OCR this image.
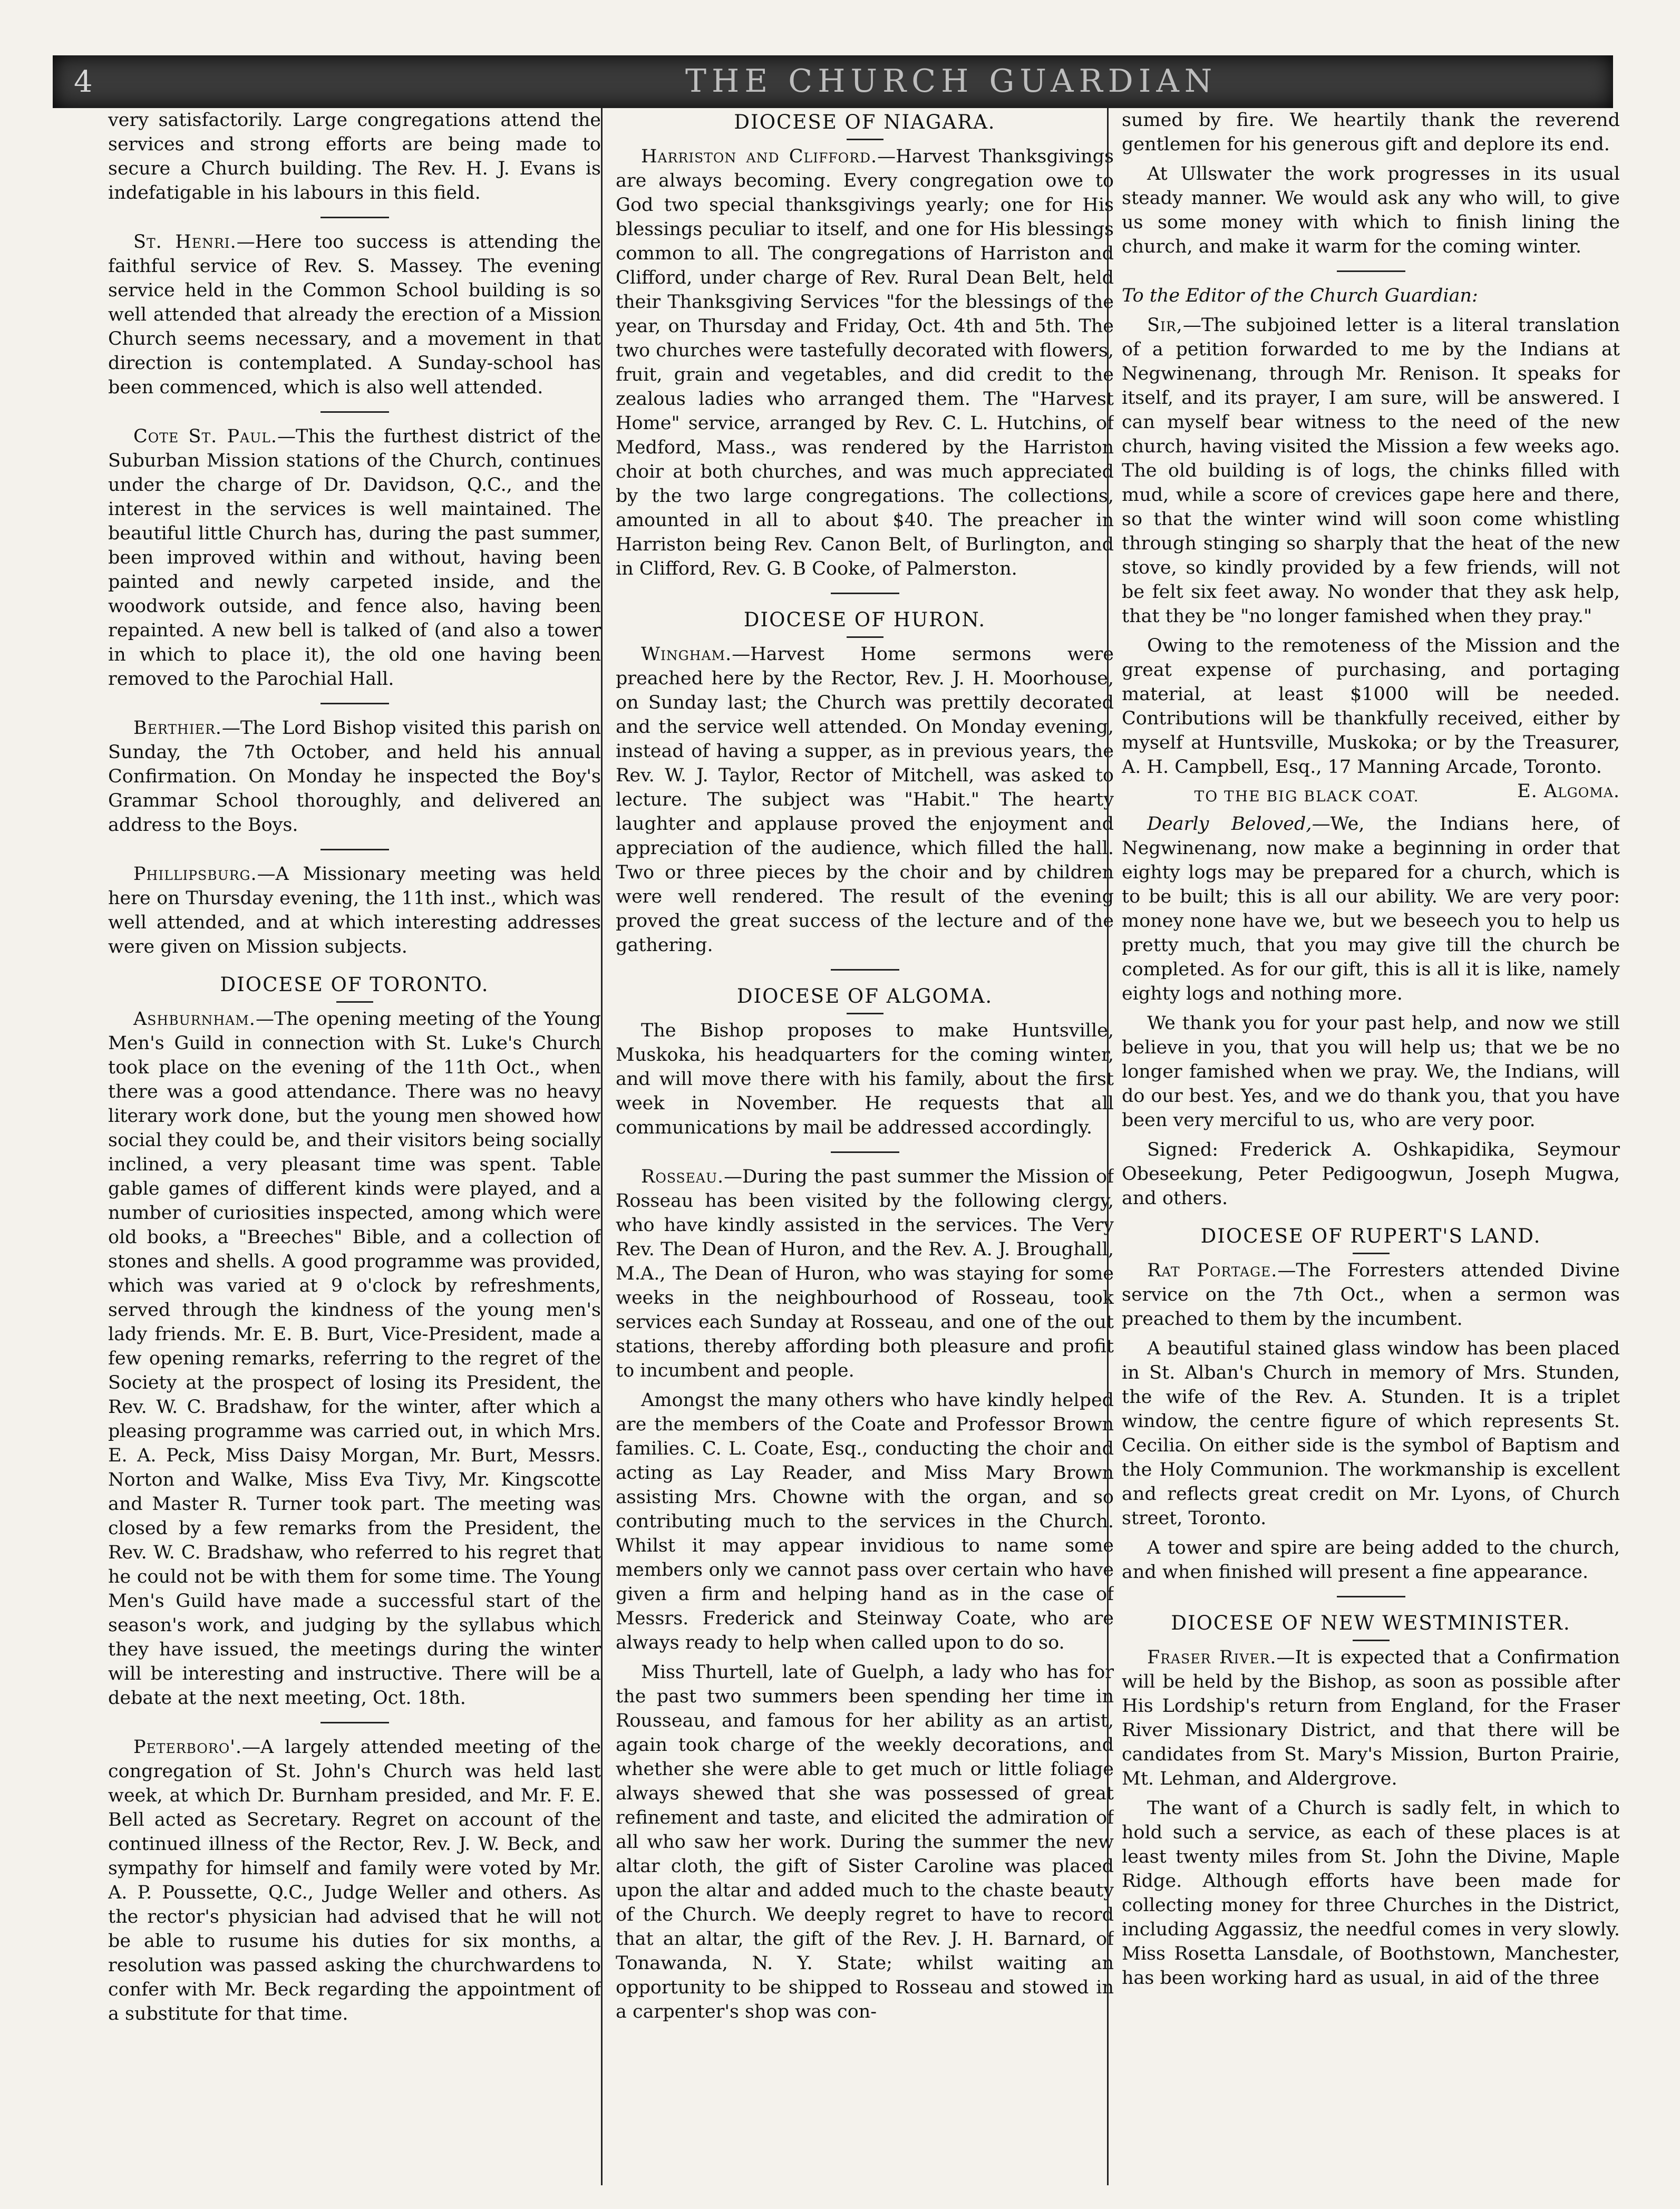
4	THE CHURCH GUARDIAN

very satisfactorily. Large congregations attend the services and strong efforts are being made to secure a Church building. The Rev. H. J. Evans is indefatigable in his labours in this field.

St. Henri.—Here too success is attending the faithful service of Rev. S. Massey. The evening service held in the Common School building is so well attended that already the erection of a Mission Church seems necessary, and a movement in that direction is contemplated. A Sunday-school has been commenced, which is also well attended.

Cote St. Paul.—This the furthest district of the Suburban Mission stations of the Church, continues under the charge of Dr. Davidson, Q.C., and the interest in the services is well maintained. The beautiful little Church has, during the past summer, been improved within and without, having been painted and newly carpeted inside, and the woodwork outside, and fence also, having been repainted. A new bell is talked of (and also a tower in which to place it), the old one having been removed to the Parochial Hall.

Berthier.—The Lord Bishop visited this parish on Sunday, the 7th October, and held his annual Confirmation. On Monday he inspected the Boy's Grammar School thoroughly, and delivered an address to the Boys.

Phillipsburg.—A Missionary meeting was held here on Thursday evening, the 11th inst., which was well attended, and at which interesting addresses were given on Mission subjects.

DIOCESE OF TORONTO.

Ashburnham.—The opening meeting of the Young Men's Guild in connection with St. Luke's Church took place on the evening of the 11th Oct., when there was a good attendance. There was no heavy literary work done, but the young men showed how social they could be, and their visitors being socially inclined, a very pleasant time was spent. Table gable games of different kinds were played, and a number of curiosities inspected, among which were old books, a "Breeches" Bible, and a collection of stones and shells. A good programme was provided, which was varied at 9 o'clock by refreshments, served through the kindness of the young men's lady friends. Mr. E. B. Burt, Vice-President, made a few opening remarks, referring to the regret of the Society at the prospect of losing its President, the Rev. W. C. Bradshaw, for the winter, after which a pleasing programme was carried out, in which Mrs. E. A. Peck, Miss Daisy Morgan, Mr. Burt, Messrs. Norton and Walke, Miss Eva Tivy, Mr. Kingscotte and Master R. Turner took part. The meeting was closed by a few remarks from the President, the Rev. W. C. Bradshaw, who referred to his regret that he could not be with them for some time. The Young Men's Guild have made a successful start of the season's work, and judging by the syllabus which they have issued, the meetings during the winter will be interesting and instructive. There will be a debate at the next meeting, Oct. 18th.

Peterboro'.—A largely attended meeting of the congregation of St. John's Church was held last week, at which Dr. Burnham presided, and Mr. F. E. Bell acted as Secretary. Regret on account of the continued illness of the Rector, Rev. J. W. Beck, and sympathy for himself and family were voted by Mr. A. P. Poussette, Q.C., Judge Weller and others. As the rector's physician had advised that he will not be able to rusume his duties for six months, a resolution was passed asking the churchwardens to confer with Mr. Beck regarding the appointment of a substitute for that time.

DIOCESE OF NIAGARA.

Harriston and Clifford.—Harvest Thanksgivings are always becoming. Every congregation owe to God two special thanksgivings yearly; one for His blessings peculiar to itself, and one for His blessings common to all. The congregations of Harriston and Clifford, under charge of Rev. Rural Dean Belt, held their Thanksgiving Services "for the blessings of the year, on Thursday and Friday, Oct. 4th and 5th. The two churches were tastefully decorated with flowers, fruit, grain and vegetables, and did credit to the zealous ladies who arranged them. The "Harvest Home" service, arranged by Rev. C. L. Hutchins, of Medford, Mass., was rendered by the Harriston choir at both churches, and was much appreciated by the two large congregations. The collections, amounted in all to about $40. The preacher in Harriston being Rev. Canon Belt, of Burlington, and in Clifford, Rev. G. B Cooke, of Palmerston.

DIOCESE OF HURON.

Wingham.—Harvest Home sermons were preached here by the Rector, Rev. J. H. Moorhouse, on Sunday last; the Church was prettily decorated and the service well attended. On Monday evening, instead of having a supper, as in previous years, the Rev. W. J. Taylor, Rector of Mitchell, was asked to lecture. The subject was "Habit." The hearty laughter and applause proved the enjoyment and appreciation of the audience, which filled the hall. Two or three pieces by the choir and by children were well rendered. The result of the evening proved the great success of the lecture and of the gathering.

DIOCESE OF ALGOMA.

The Bishop proposes to make Huntsville, Muskoka, his headquarters for the coming winter, and will move there with his family, about the first week in November. He requests that all communications by mail be addressed accordingly.

Rosseau.—During the past summer the Mission of Rosseau has been visited by the following clergy, who have kindly assisted in the services. The Very Rev. The Dean of Huron, and the Rev. A. J. Broughall, M.A., The Dean of Huron, who was staying for some weeks in the neighbourhood of Rosseau, took services each Sunday at Rosseau, and one of the out stations, thereby affording both pleasure and profit to incumbent and people.

Amongst the many others who have kindly helped are the members of the Coate and Professor Brown families. C. L. Coate, Esq., conducting the choir and acting as Lay Reader, and Miss Mary Brown assisting Mrs. Chowne with the organ, and so contributing much to the services in the Church. Whilst it may appear invidious to name some members only we cannot pass over certain who have given a firm and helping hand as in the case of Messrs. Frederick and Steinway Coate, who are always ready to help when called upon to do so.

Miss Thurtell, late of Guelph, a lady who has for the past two summers been spending her time in Rousseau, and famous for her ability as an artist, again took charge of the weekly decorations, and whether she were able to get much or little foliage always shewed that she was possessed of great refinement and taste, and elicited the admiration of all who saw her work. During the summer the new altar cloth, the gift of Sister Caroline was placed upon the altar and added much to the chaste beauty of the Church. We deeply regret to have to record that an altar, the gift of the Rev. J. H. Barnard, of Tonawanda, N. Y. State; whilst waiting an opportunity to be shipped to Rosseau and stowed in a carpenter's shop was con-

sumed by fire. We heartily thank the reverend gentlemen for his generous gift and deplore its end.

At Ullswater the work progresses in its usual steady manner. We would ask any who will, to give us some money with which to finish lining the church, and make it warm for the coming winter.

To the Editor of the Church Guardian:

Sir,—The subjoined letter is a literal translation of a petition forwarded to me by the Indians at Negwinenang, through Mr. Renison. It speaks for itself, and its prayer, I am sure, will be answered. I can myself bear witness to the need of the new church, having visited the Mission a few weeks ago. The old building is of logs, the chinks filled with mud, while a score of crevices gape here and there, so that the winter wind will soon come whistling through stinging so sharply that the heat of the new stove, so kindly provided by a few friends, will not be felt six feet away. No wonder that they ask help, that they be "no longer famished when they pray."

Owing to the remoteness of the Mission and the great expense of purchasing, and portaging material, at least $1000 will be needed. Contributions will be thankfully received, either by myself at Huntsville, Muskoka; or by the Treasurer, A. H. Campbell, Esq., 17 Manning Arcade, Toronto.
E. Algoma.

TO THE BIG BLACK COAT.

Dearly Beloved,—We, the Indians here, of Negwinenang, now make a beginning in order that eighty logs may be prepared for a church, which is to be built; this is all our ability. We are very poor: money none have we, but we beseech you to help us pretty much, that you may give till the church be completed. As for our gift, this is all it is like, namely eighty logs and nothing more.

We thank you for your past help, and now we still believe in you, that you will help us; that we be no longer famished when we pray. We, the Indians, will do our best. Yes, and we do thank you, that you have been very merciful to us, who are very poor.

Signed: Frederick A. Oshkapidika, Seymour Obeseekung, Peter Pedigoogwun, Joseph Mugwa, and others.

DIOCESE OF RUPERT'S LAND.

Rat Portage.—The Forresters attended Divine service on the 7th Oct., when a sermon was preached to them by the incumbent.

A beautiful stained glass window has been placed in St. Alban's Church in memory of Mrs. Stunden, the wife of the Rev. A. Stunden. It is a triplet window, the centre figure of which represents St. Cecilia. On either side is the symbol of Baptism and the Holy Communion. The workmanship is excellent and reflects great credit on Mr. Lyons, of Church street, Toronto.

A tower and spire are being added to the church, and when finished will present a fine appearance.

DIOCESE OF NEW WESTMINISTER.

Fraser River.—It is expected that a Confirmation will be held by the Bishop, as soon as possible after His Lordship's return from England, for the Fraser River Missionary District, and that there will be candidates from St. Mary's Mission, Burton Prairie, Mt. Lehman, and Aldergrove.

The want of a Church is sadly felt, in which to hold such a service, as each of these places is at least twenty miles from St. John the Divine, Maple Ridge. Although efforts have been made for collecting money for three Churches in the District, including Aggassiz, the needful comes in very slowly. Miss Rosetta Lansdale, of Boothstown, Manchester, has been working hard as usual, in aid of the three
